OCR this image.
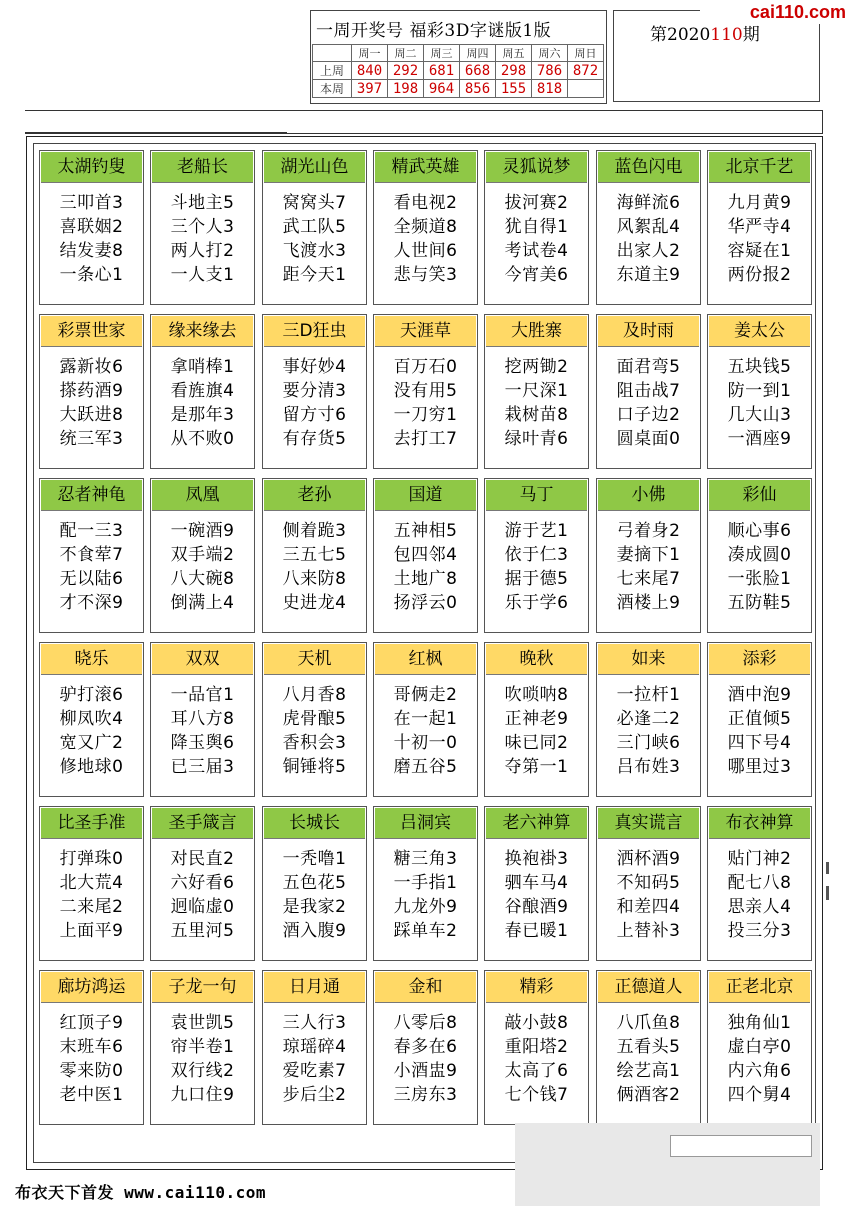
一周开奖号 福彩3D字谜版1版
	周一	周二	周三	周四	周五	周六	周日
上周	840	292	681	668	298	786	872
本周	397	198	964	856	155	818	
第2020110期
cai110.com
太湖钓叟
三叩首3
喜联姻2
结发妻8
一条心1
老船长
斗地主5
三个人3
两人打2
一人支1
湖光山色
窝窝头7
武工队5
飞渡水3
距今天1
精武英雄
看电视2
全频道8
人世间6
悲与笑3
灵狐说梦
拔河赛2
犹自得1
考试卷4
今宵美6
蓝色闪电
海鲜流6
风絮乱4
出家人2
东道主9
北京千艺
九月黄9
华严寺4
容疑在1
两份报2
彩票世家
露新妆6
搽药酒9
大跃进8
统三军3
缘来缘去
拿哨棒1
看旌旗4
是那年3
从不败0
三D狂虫
事好妙4
要分清3
留方寸6
有存货5
天涯草
百万石0
没有用5
一刀穷1
去打工7
大胜寨
挖两锄2
一尺深1
栽树苗8
绿叶青6
及时雨
面君弯5
阻击战7
口子边2
圆桌面0
姜太公
五块钱5
防一到1
几大山3
一酒座9
忍者神龟
配一三3
不食荤7
无以陆6
才不深9
凤凰
一碗酒9
双手端2
八大碗8
倒满上4
老孙
侧着跪3
三五七5
八来防8
史进龙4
国道
五神相5
包四邻4
土地广8
扬浮云0
马丁
游于艺1
依于仁3
据于德5
乐于学6
小佛
弓着身2
妻摘下1
七来尾7
酒楼上9
彩仙
顺心事6
凑成圆0
一张脸1
五防鞋5
晓乐
驴打滚6
柳凤吹4
宽又广2
修地球0
双双
一品官1
耳八方8
降玉舆6
已三届3
天机
八月香8
虎骨酿5
香积会3
铜锤将5
红枫
哥俩走2
在一起1
十初一0
磨五谷5
晚秋
吹唢呐8
正神老9
味已同2
夺第一1
如来
一拉杆1
必逢二2
三门峡6
吕布姓3
添彩
酒中泡9
正值倾5
四下号4
哪里过3
比圣手准
打弹珠0
北大荒4
二来尾2
上面平9
圣手箴言
对民直2
六好看6
迥临虚0
五里河5
长城长
一秃噜1
五色花5
是我家2
酒入腹9
吕洞宾
糖三角3
一手指1
九龙外9
踩单车2
老六神算
换袍褂3
驷车马4
谷酿酒9
春已暖1
真实谎言
洒杯酒9
不知码5
和差四4
上替补3
布衣神算
贴门神2
配七八8
思亲人4
投三分3
廊坊鸿运
红顶子9
末班车6
零来防0
老中医1
子龙一句
袁世凯5
帘半卷1
双行线2
九口住9
日月通
三人行3
琼瑶碎4
爱吃素7
步后尘2
金和
八零后8
春多在6
小酒盅9
三房东3
精彩
敲小鼓8
重阳塔2
太高了6
七个钱7
正德道人
八爪鱼8
五看头5
绘艺高1
俩酒客2
正老北京
独角仙1
虚白亭0
内六角6
四个舅4
布衣天下首发 www.cai110.com
